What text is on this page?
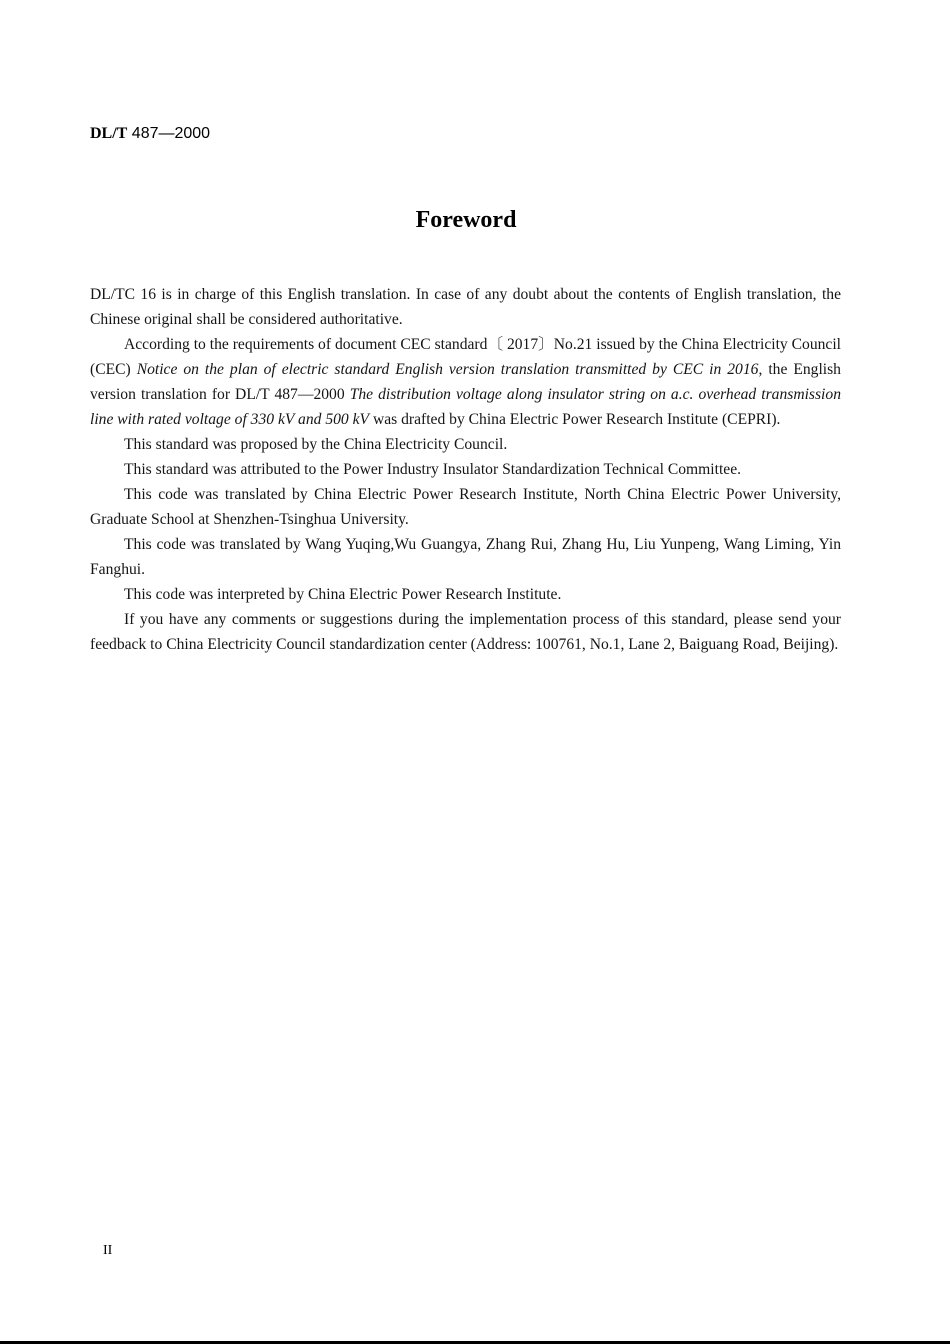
DL/T 487—2000
Foreword

DL/TC 16 is in charge of this English translation. In case of any doubt about the contents of English translation, the Chinese original shall be considered authoritative.

According to the requirements of document CEC standard〔 2017〕No.21 issued by the China Electricity Council (CEC) Notice on the plan of electric standard English version translation transmitted by CEC in 2016, the English version translation for DL/T 487—2000 The distribution voltage along insulator string on a.c. overhead transmission line with rated voltage of 330 kV and 500 kV was drafted by China Electric Power Research Institute (CEPRI).

This standard was proposed by the China Electricity Council.

This standard was attributed to the Power Industry Insulator Standardization Technical Committee.

This code was translated by China Electric Power Research Institute, North China Electric Power University, Graduate School at Shenzhen-Tsinghua University.

This code was translated by Wang Yuqing,Wu Guangya, Zhang Rui, Zhang Hu, Liu Yunpeng, Wang Liming, Yin Fanghui.

This code was interpreted by China Electric Power Research Institute.

If you have any comments or suggestions during the implementation process of this standard, please send your feedback to China Electricity Council standardization center (Address: 100761, No.1, Lane 2, Baiguang Road, Beijing).

II
